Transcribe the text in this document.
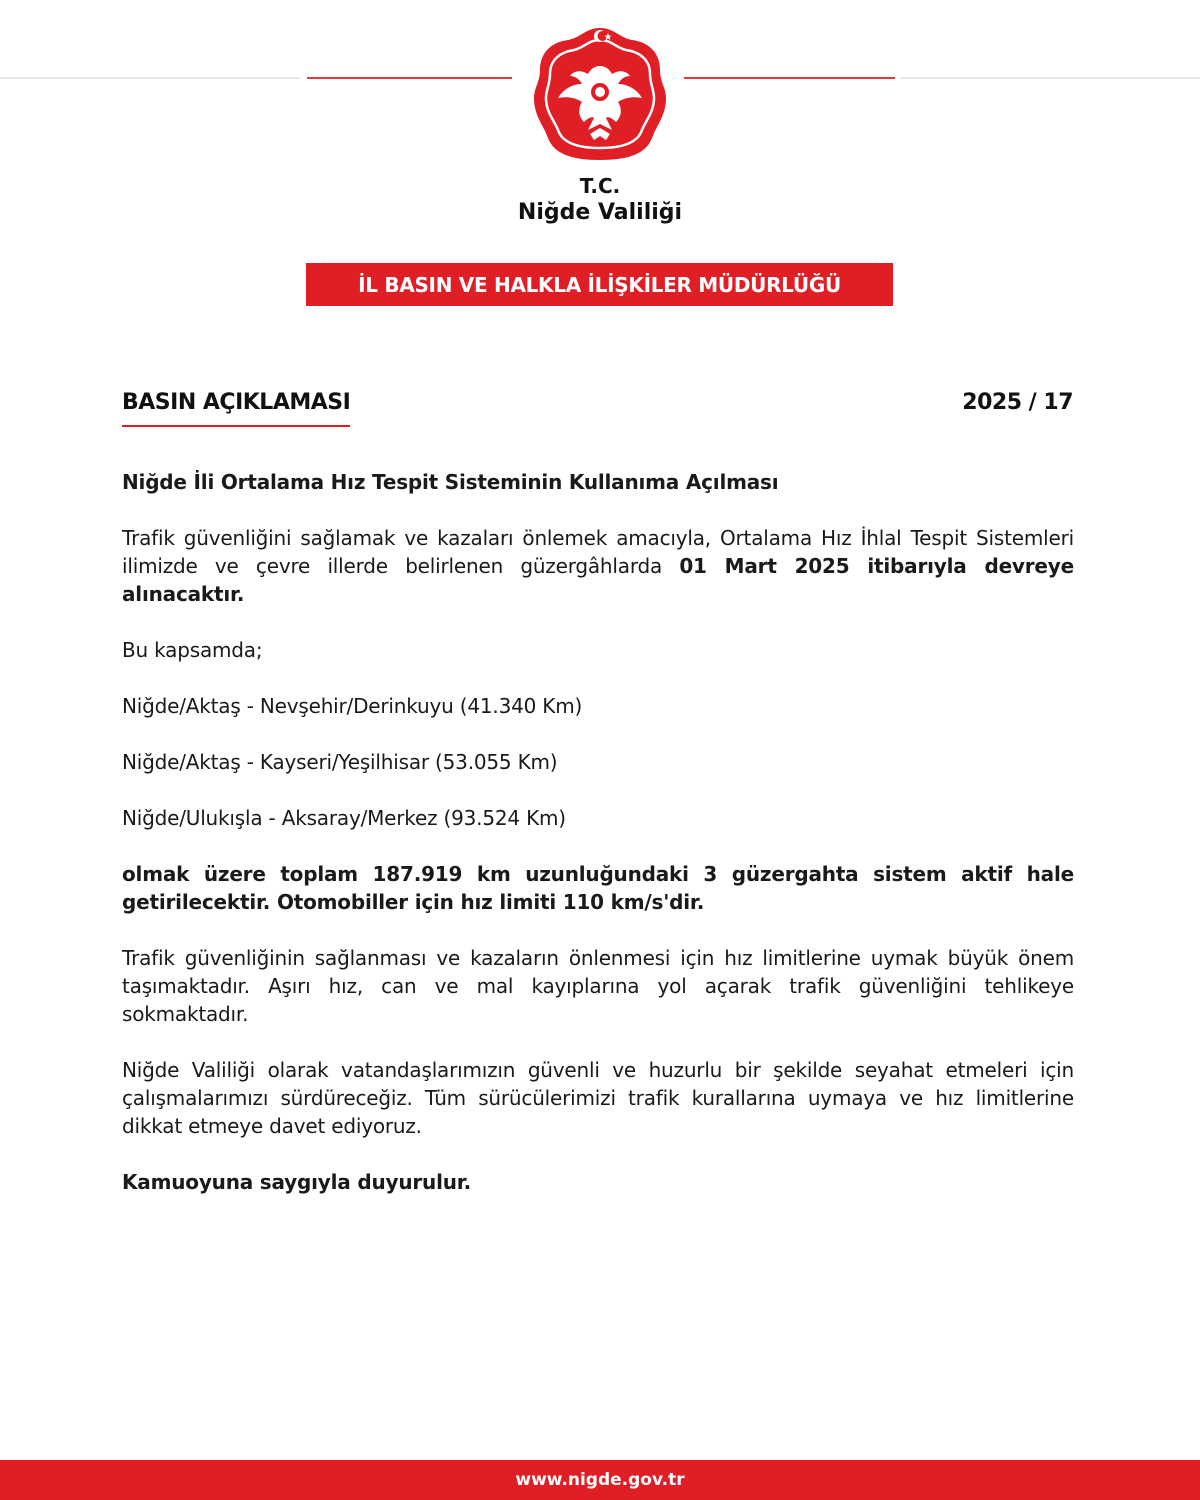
T.C.
Niğde Valiliği
İL BASIN VE HALKLA İLİŞKİLER MÜDÜRLÜĞÜ
BASIN AÇIKLAMASI	2025 / 17

Niğde İli Ortalama Hız Tespit Sisteminin Kullanıma Açılması

Trafik güvenliğini sağlamak ve kazaları önlemek amacıyla, Ortalama Hız İhlal Tespit Sistemleri ilimizde ve çevre illerde belirlenen güzergâhlarda 01 Mart 2025 itibarıyla devreye alınacaktır.

Bu kapsamda;

Niğde/Aktaş - Nevşehir/Derinkuyu (41.340 Km)

Niğde/Aktaş - Kayseri/Yeşilhisar (53.055 Km)

Niğde/Ulukışla - Aksaray/Merkez (93.524 Km)

olmak üzere toplam 187.919 km uzunluğundaki 3 güzergahta sistem aktif hale getirilecektir. Otomobiller için hız limiti 110 km/s'dir.

Trafik güvenliğinin sağlanması ve kazaların önlenmesi için hız limitlerine uymak büyük önem taşımaktadır. Aşırı hız, can ve mal kayıplarına yol açarak trafik güvenliğini tehlikeye sokmaktadır.

Niğde Valiliği olarak vatandaşlarımızın güvenli ve huzurlu bir şekilde seyahat etmeleri için çalışmalarımızı sürdüreceğiz. Tüm sürücülerimizi trafik kurallarına uymaya ve hız limitlerine dikkat etmeye davet ediyoruz.

Kamuoyuna saygıyla duyurulur.

www.nigde.gov.tr
